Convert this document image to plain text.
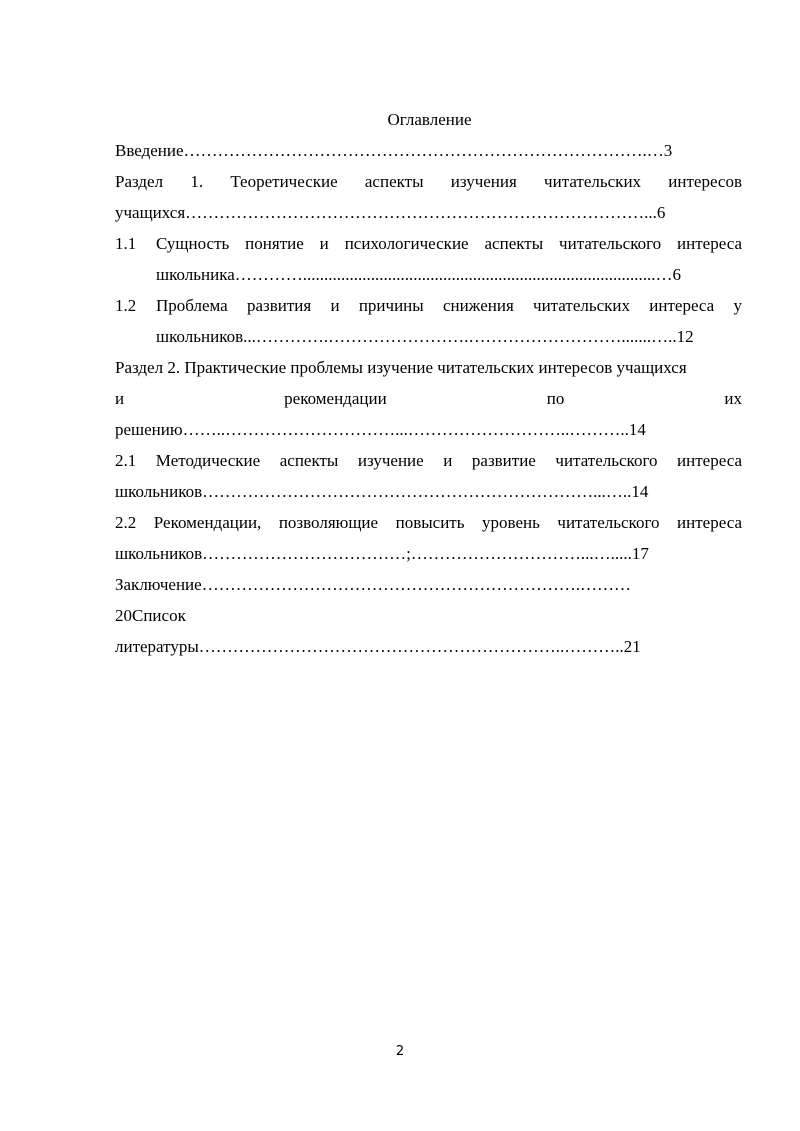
Оглавление
Введение……………………………………………………………………….…3
Раздел 1. Теоретические аспекты изучения читательских интересов
учащихся………………………………………………………………………...6
1.1	Сущность понятие и психологические аспекты читательского интереса
школьника…………...................................................................................…6
1.2	Проблема развития и причины снижения читательских интереса у
школьников...………….…………………….……………………….......…..12
Раздел 2. Практические проблемы изучение читательских интересов учащихся
и рекомендации по их
решению……..…………………………...………………………..………..14
2.1 Методические аспекты изучение и развитие читательского интереса
школьников……………………………………………………………...…..14
2.2 Рекомендации, позволяющие повысить уровень читательского интереса
школьников………………………………;…………………………...….....17
Заключение………………………………………………………….………
20Список
литературы………………………………………………………..………..21
2
